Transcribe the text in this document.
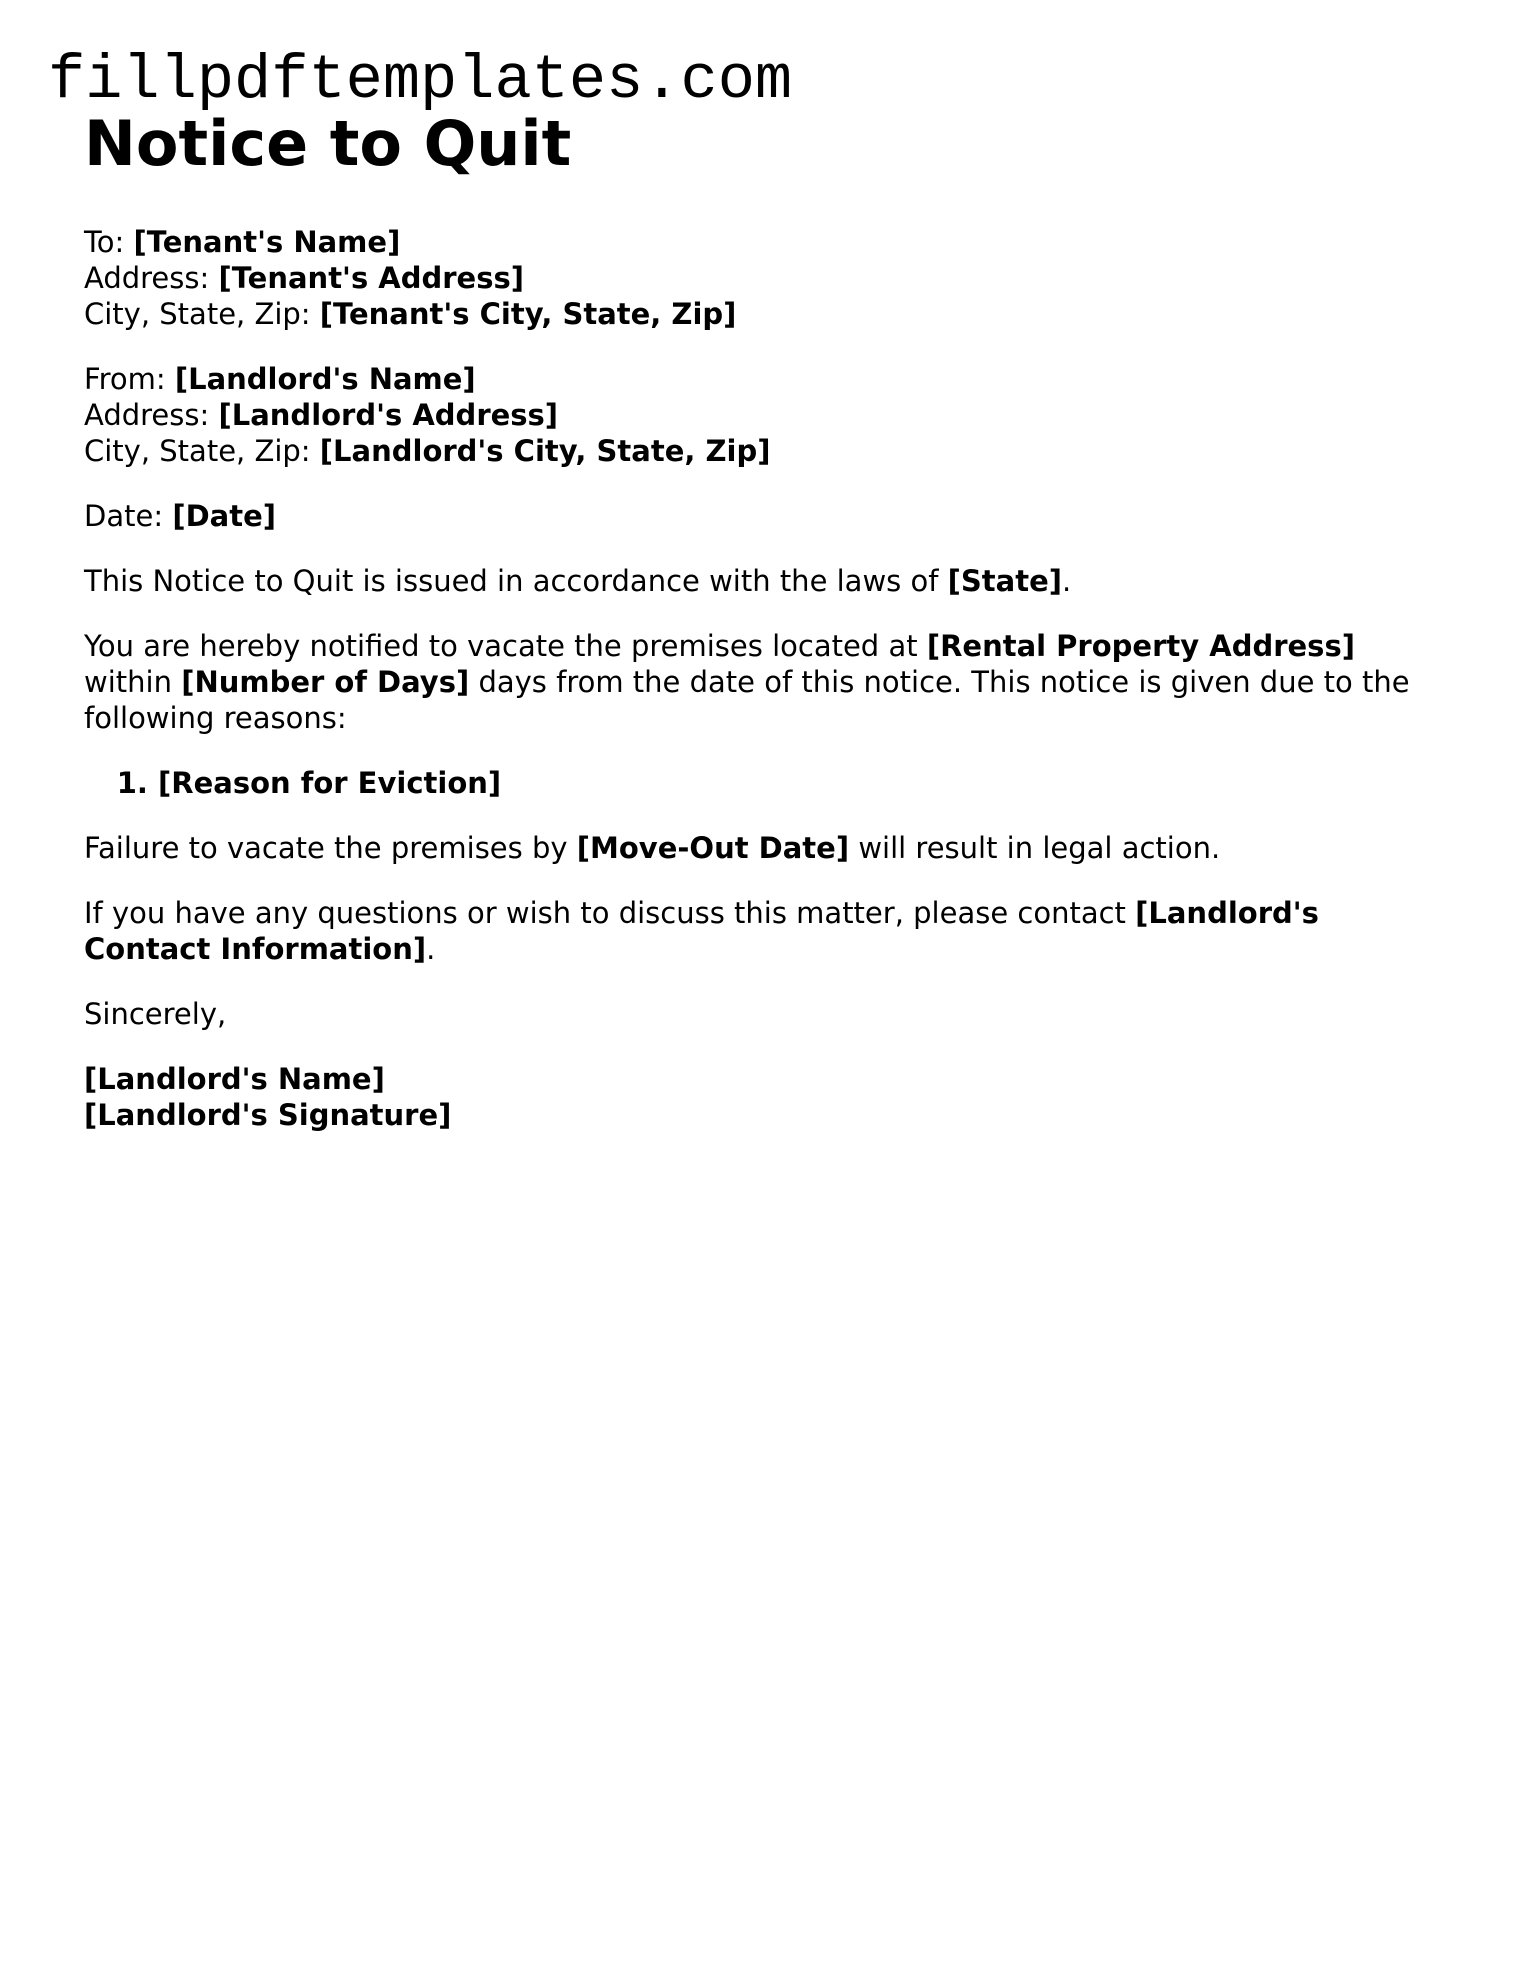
fillpdftemplates.com
Notice to Quit
To: [Tenant's Name]
Address: [Tenant's Address]
City, State, Zip: [Tenant's City, State, Zip]
From: [Landlord's Name]
Address: [Landlord's Address]
City, State, Zip: [Landlord's City, State, Zip]

Date: [Date]

This Notice to Quit is issued in accordance with the laws of [State].

You are hereby notified to vacate the premises located at [Rental Property Address] within [Number of Days] days from the date of this notice. This notice is given due to the following reasons:

1. [Reason for Eviction]

Failure to vacate the premises by [Move-Out Date] will result in legal action.

If you have any questions or wish to discuss this matter, please contact [Landlord's Contact Information].

Sincerely,

[Landlord's Name]
[Landlord's Signature]
